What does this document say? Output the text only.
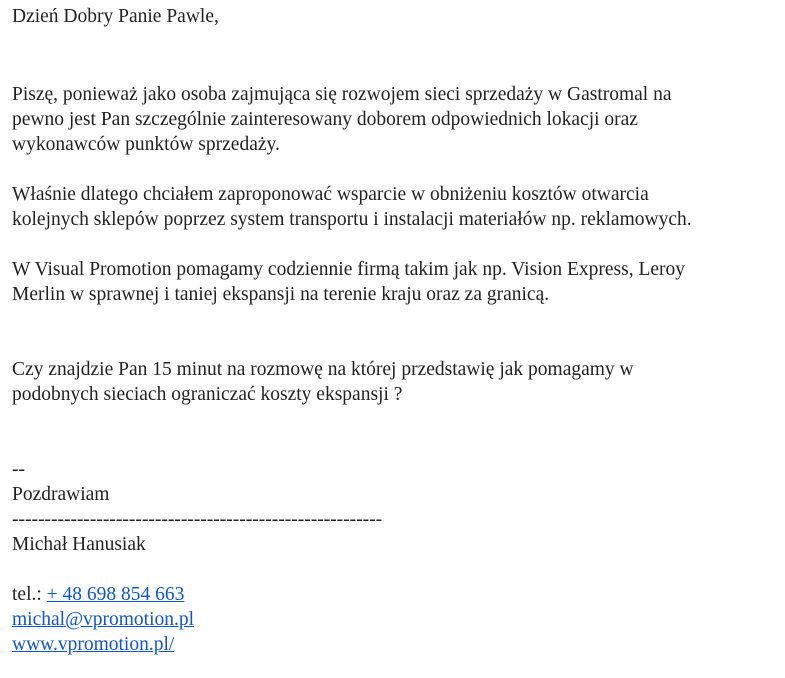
Dzień Dobry Panie Pawle,

Piszę, ponieważ jako osoba zajmująca się rozwojem sieci sprzedaży w Gastromal na

pewno jest Pan szczególnie zainteresowany doborem odpowiednich lokacji oraz

wykonawców punktów sprzedaży.

Właśnie dlatego chciałem zaproponować wsparcie w obniżeniu kosztów otwarcia

kolejnych sklepów poprzez system transportu i instalacji materiałów np. reklamowych.

W Visual Promotion pomagamy codziennie firmą takim jak np. Vision Express, Leroy

Merlin w sprawnej i taniej ekspansji na terenie kraju oraz za granicą.

Czy znajdzie Pan 15 minut na rozmowę na której przedstawię jak pomagamy w

podobnych sieciach ograniczać koszty ekspansji ?

--

Pozdrawiam

---------------------------------------------------------

Michał Hanusiak

tel.: + 48 698 854 663

michal@vpromotion.pl

www.vpromotion.pl/
